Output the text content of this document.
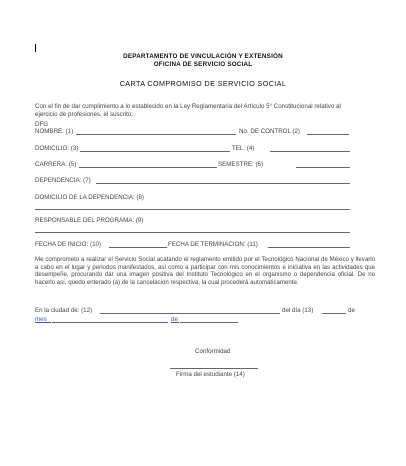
DEPARTAMENTO DE VINCULACIÓN Y EXTENSIÓN
OFICINA DE SERVICIO SOCIAL
CARTA COMPROMISO DE SERVICIO SOCIAL
Con el fin de dar cumplimiento a lo establecido en la Ley Reglamentaria del Artículo 5° Constitucional relativo al
ejercicio de profesiones, el suscrito:
DFG
NOMBRE: (1)	No. DE CONTROL (2)
DOMICILIO: (3)	TEL: (4)
CARRERA: (5)	SEMESTRE: (6)
DEPENDENCIA: (7)
DOMICILIO DE LA DEPENDENCIA: (8)
RESPONSABLE DEL PROGRAMA: (9)
FECHA DE INICIO: (10)	FECHA DE TERMINACION: (11)
Me comprometo a realizar el Servicio Social acatando el reglamento emitido por el Tecnológico Nacional de México y llevarlo a cabo en el lugar y periodos manifestados, así como a participar con mis conocimientos e iniciativa en las actividades que desempeñe, procurando dar una imagen positiva del Instituto Tecnológico en el organismo o dependencia oficial. De no hacerlo así, quedo enterado (a) de la cancelación respectiva, la cual procederá automáticamente.
En la ciudad de: (12)	del día (13)	de
mes	de
Conformidad
Firma del estudiante (14)
